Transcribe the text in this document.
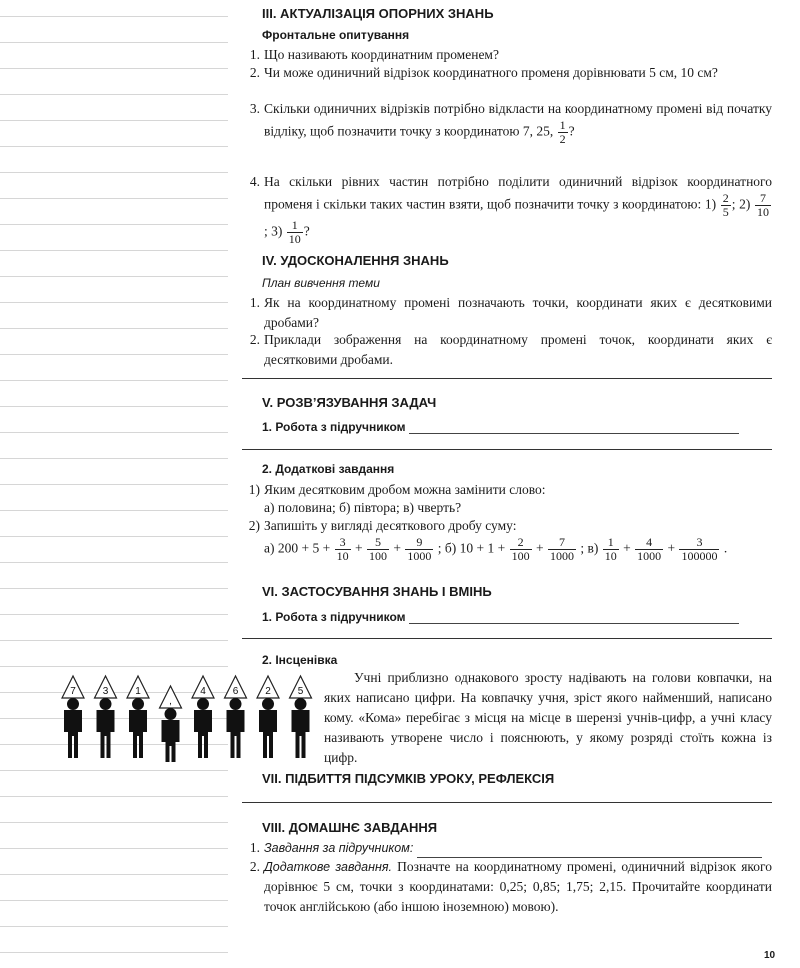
7	3	1
,
4	6	2	5
III. АКТУАЛІЗАЦІЯ ОПОРНИХ ЗНАНЬ
Фронтальне опитування
1. Що називають координатним променем?
2. Чи може одиничний відрізок координатного променя дорівнювати 5 см, 10 см?
3. Скільки одиничних відрізків потрібно відкласти на координатному промені від початку відліку, щоб позначити точку з координатою 7, 25, $\frac{1}{2}$ ?
4. На скільки рівних частин потрібно поділити одиничний відрізок координатного променя і скільки таких частин взяти, щоб позначити точку з координатою: $1) \frac{2}{5}$ ; $2) \frac{7}{10}$
; $3) \frac{1}{10}$ ?
IV. УДОСКОНАЛЕННЯ ЗНАНЬ
План вивчення теми
1. Як на координатному промені позначають точки, координати яких є десятковими дробами?
2. Приклади зображення на координатному промені точок, координати яких є десятковими дробами.
V. РОЗВ’ЯЗУВАННЯ ЗАДАЧ
1. Робота з підручником
2. Додаткові завдання
1) Яким десятковим дробом можна замінити слово:
а) половина; б) півтора; в) чверть?
2) Запишіть у вигляді десяткового дробу суму:
а) $200 + 5 + \frac{3}{10} + \frac{5}{100} + \frac{9}{1000}$ ; б) $10 + 1 + \frac{2}{100} + \frac{7}{1000}$ ; $в) \frac{1}{10} + \frac{4}{1000} + \frac{3}{100000}$ .
VI. ЗАСТОСУВАННЯ ЗНАНЬ І ВМІНЬ
1. Робота з підручником
2. Інсценівка
Учні приблизно однакового зросту надівають на голови ковпачки, на яких написано цифри. На ковпачку учня, зріст якого найменший, написано кому. «Кома» перебігає з місця на місце в шерензі учнів-цифр, а учні класу називають утворене число і пояснюють, у якому розряді стоїть кожна із цифр.
VII. ПІДБИТТЯ ПІДСУМКІВ УРОКУ, РЕФЛЕКСІЯ
VIII. ДОМАШНЄ ЗАВДАННЯ
1. Завдання за підручником:
2. Додаткове завдання. Позначте на координатному промені, одиничний відрізок якого дорівнює 5 см, точки з координатами: 0,25; 0,85; 1,75; 2,15. Прочитайте координати точок англійською (або іншою іноземною) мовою).
10
